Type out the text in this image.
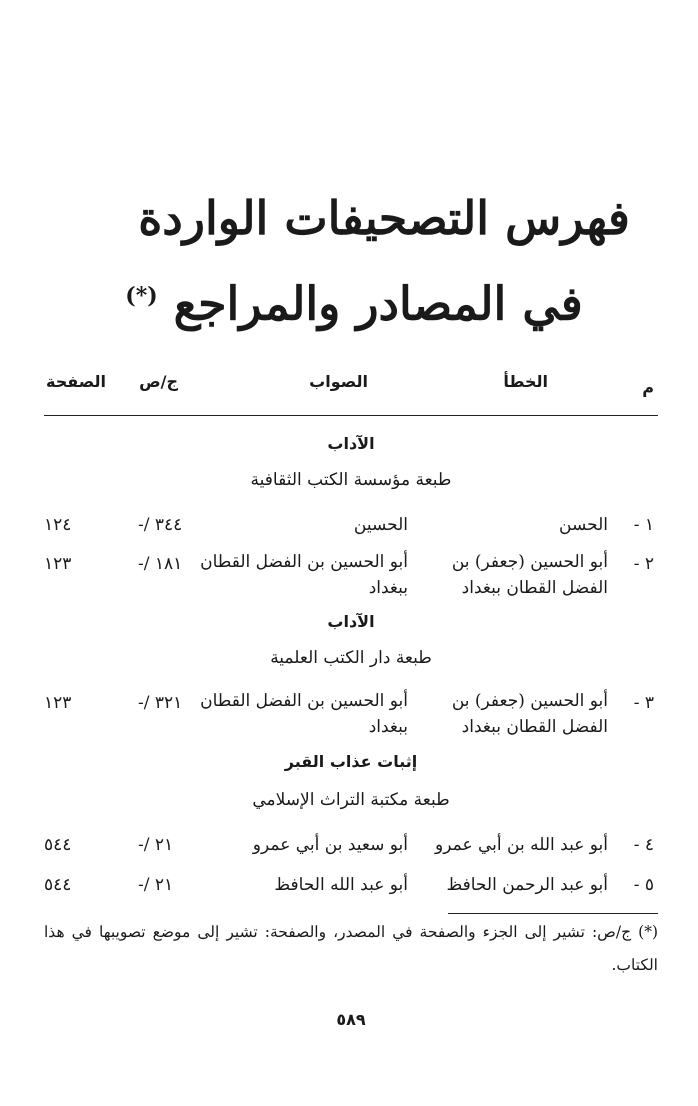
فهرس التصحيفات الواردة
في المصادر والمراجع (*)
م
الخطأ
الصواب
ج/ص
الصفحة
الآداب
طبعة مؤسسة الكتب الثقافية
١ -
الحسن
الحسين
-/ ٣٤٤
١٢٤
٢ -
أبو الحسين (جعفر) بن
الفضل القطان ببغداد
أبو الحسين بن الفضل القطان
ببغداد
-/ ١٨١
١٢٣
الآداب
طبعة دار الكتب العلمية
٣ -
أبو الحسين (جعفر) بن
الفضل القطان ببغداد
أبو الحسين بن الفضل القطان
ببغداد
-/ ٣٢١
١٢٣
إثبات عذاب القبر
طبعة مكتبة التراث الإسلامي
٤ -
أبو عبد الله بن أبي عمرو
أبو سعيد بن أبي عمرو
-/ ٢١
٥٤٤
٥ -
أبو عبد الرحمن الحافظ
أبو عبد الله الحافظ
-/ ٢١
٥٤٤
(*) ج/ص: تشير إلى الجزء والصفحة في المصدر، والصفحة: تشير إلى موضع تصويبها في هذا الكتاب.
٥٨٩
